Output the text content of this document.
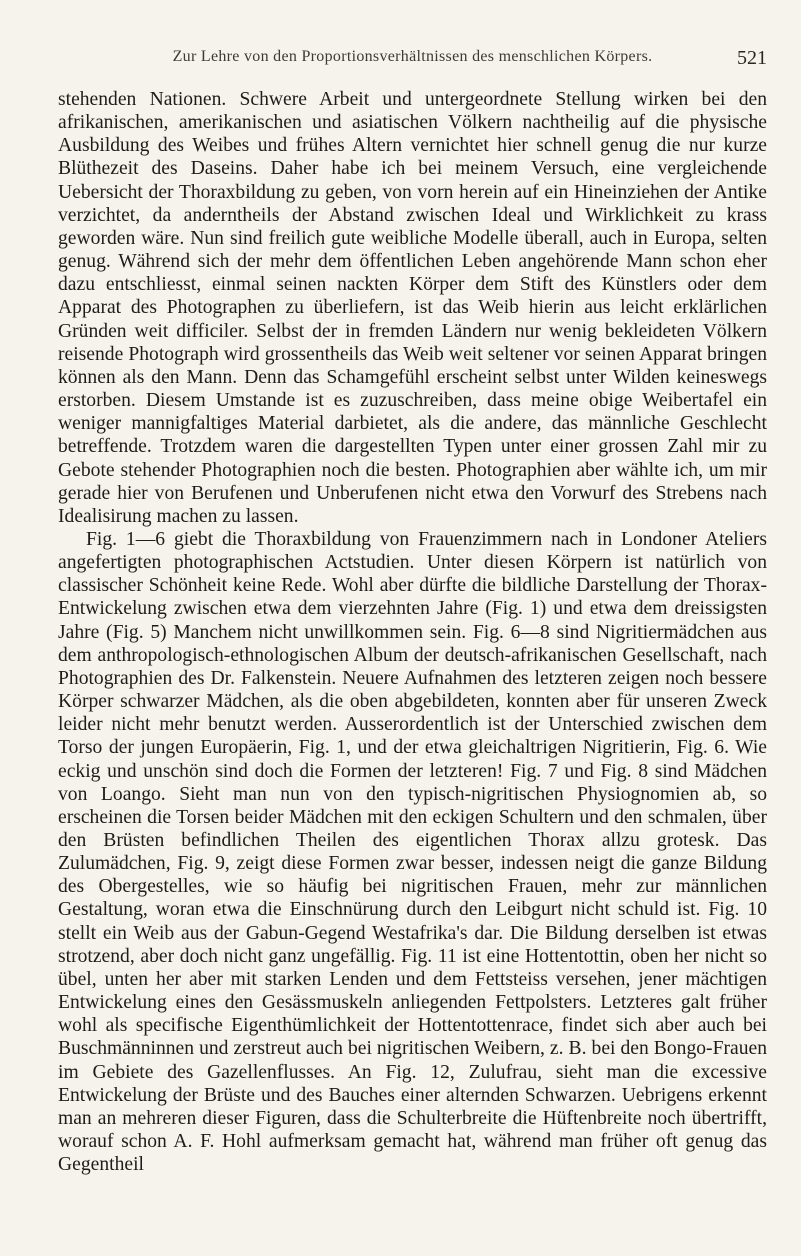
Zur Lehre von den Proportionsverhältnissen des menschlichen Körpers.	521

stehenden Nationen. Schwere Arbeit und untergeordnete Stellung wirken bei den afrikanischen, amerikanischen und asiatischen Völkern nachtheilig auf die physische Ausbildung des Weibes und frühes Altern vernichtet hier schnell genug die nur kurze Blüthezeit des Daseins. Daher habe ich bei meinem Versuch, eine vergleichende Uebersicht der Thoraxbildung zu geben, von vorn herein auf ein Hineinziehen der Antike verzichtet, da anderntheils der Abstand zwischen Ideal und Wirklichkeit zu krass geworden wäre. Nun sind freilich gute weibliche Modelle überall, auch in Europa, selten genug. Während sich der mehr dem öffentlichen Leben angehörende Mann schon eher dazu entschliesst, einmal seinen nackten Körper dem Stift des Künstlers oder dem Apparat des Photographen zu überliefern, ist das Weib hierin aus leicht erklärlichen Gründen weit difficiler. Selbst der in fremden Ländern nur wenig bekleideten Völkern reisende Photograph wird grossentheils das Weib weit seltener vor seinen Apparat bringen können als den Mann. Denn das Schamgefühl erscheint selbst unter Wilden keineswegs erstorben. Diesem Umstande ist es zuzuschreiben, dass meine obige Weibertafel ein weniger mannigfaltiges Material darbietet, als die andere, das männliche Geschlecht betreffende. Trotzdem waren die dargestellten Typen unter einer grossen Zahl mir zu Gebote stehender Photographien noch die besten. Photographien aber wählte ich, um mir gerade hier von Berufenen und Unberufenen nicht etwa den Vorwurf des Strebens nach Idealisirung machen zu lassen.

Fig. 1—6 giebt die Thoraxbildung von Frauenzimmern nach in Londoner Ateliers angefertigten photographischen Actstudien. Unter diesen Körpern ist natürlich von classischer Schönheit keine Rede. Wohl aber dürfte die bildliche Darstellung der Thorax-Entwickelung zwischen etwa dem vierzehnten Jahre (Fig. 1) und etwa dem dreissigsten Jahre (Fig. 5) Manchem nicht unwillkommen sein. Fig. 6—8 sind Nigritiermädchen aus dem anthropologisch-ethnologischen Album der deutsch-afrikanischen Gesellschaft, nach Photographien des Dr. Falkenstein. Neuere Aufnahmen des letzteren zeigen noch bessere Körper schwarzer Mädchen, als die oben abgebildeten, konnten aber für unseren Zweck leider nicht mehr benutzt werden. Ausserordentlich ist der Unterschied zwischen dem Torso der jungen Europäerin, Fig. 1, und der etwa gleichaltrigen Nigritierin, Fig. 6. Wie eckig und unschön sind doch die Formen der letzteren! Fig. 7 und Fig. 8 sind Mädchen von Loango. Sieht man nun von den typisch-nigritischen Physiognomien ab, so erscheinen die Torsen beider Mädchen mit den eckigen Schultern und den schmalen, über den Brüsten befindlichen Theilen des eigentlichen Thorax allzu grotesk. Das Zulumädchen, Fig. 9, zeigt diese Formen zwar besser, indessen neigt die ganze Bildung des Obergestelles, wie so häufig bei nigritischen Frauen, mehr zur männlichen Gestaltung, woran etwa die Einschnürung durch den Leibgurt nicht schuld ist. Fig. 10 stellt ein Weib aus der Gabun-Gegend Westafrika's dar. Die Bildung derselben ist etwas strotzend, aber doch nicht ganz ungefällig. Fig. 11 ist eine Hottentottin, oben her nicht so übel, unten her aber mit starken Lenden und dem Fettsteiss versehen, jener mächtigen Entwickelung eines den Gesässmuskeln anliegenden Fettpolsters. Letzteres galt früher wohl als specifische Eigenthümlichkeit der Hottentottenrace, findet sich aber auch bei Buschmänninnen und zerstreut auch bei nigritischen Weibern, z. B. bei den Bongo-Frauen im Gebiete des Gazellenflusses. An Fig. 12, Zulufrau, sieht man die excessive Entwickelung der Brüste und des Bauches einer alternden Schwarzen. Uebrigens erkennt man an mehreren dieser Figuren, dass die Schulterbreite die Hüftenbreite noch übertrifft, worauf schon A. F. Hohl aufmerksam gemacht hat, während man früher oft genug das Gegentheil
